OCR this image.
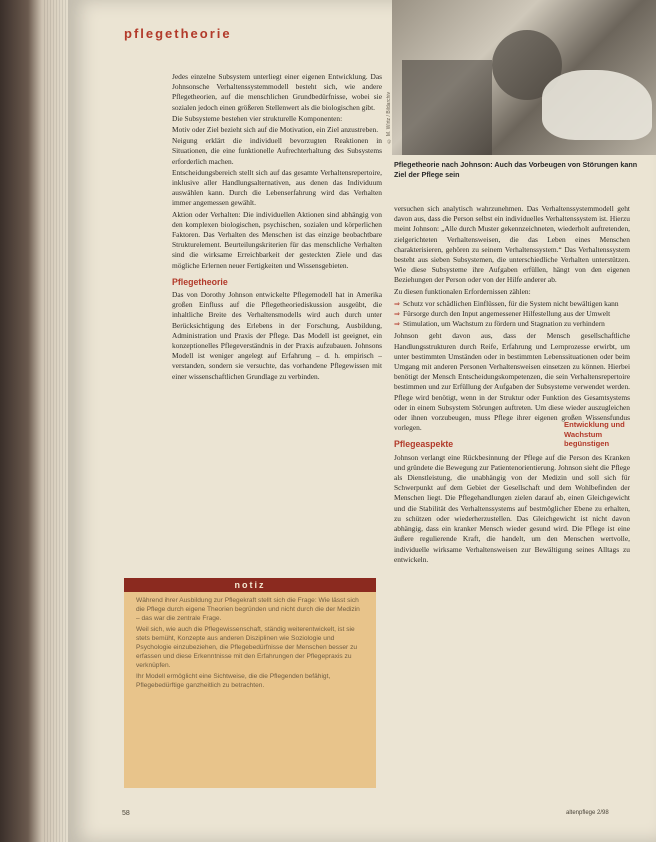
pflegetheorie
© M. Wirtz / Bildarchiv
Pflegetheorie nach Johnson: Auch das Vorbeugen von Störungen kann Ziel der Pflege sein

Jedes einzelne Subsystem unterliegt einer eigenen Entwicklung. Das Johnsonsche Verhaltenssystemmodell besteht sich, wie andere Pflegetheorien, auf die menschlichen Grundbedürfnisse, wobei sie sozialen jedoch einen größeren Stellenwert als die biologischen gibt.

Die Subsysteme bestehen vier strukturelle Komponenten:

Motiv oder Ziel bezieht sich auf die Motivation, ein Ziel anzustreben.

Neigung erklärt die individuell bevorzugten Reaktionen in Situationen, die eine funktionelle Aufrechterhaltung des Subsystems erforderlich machen.

Entscheidungsbereich stellt sich auf das gesamte Verhaltensrepertoire, inklusive aller Handlungsalternativen, aus denen das Individuum auswählen kann. Durch die Lebenserfahrung wird das Verhalten immer angemessen gewählt.

Aktion oder Verhalten: Die individuellen Aktionen sind abhängig von den komplexen biologischen, psychischen, sozialen und körperlichen Faktoren. Das Verhalten des Menschen ist das einzige beobachtbare Strukturelement. Beurteilungskriterien für das menschliche Verhalten sind die wirksame Erreichbarkeit der gesteckten Ziele und das mögliche Erlernen neuer Fertigkeiten und Wissensgebieten.

Pflegetheorie

Das von Dorothy Johnson entwickelte Pflegemodell hat in Amerika großen Einfluss auf die Pflegetheoriediskussion ausgeübt, die inhaltliche Breite des Verhaltensmodells wird auch durch unter Berücksichtigung des Erlebens in der Forschung, Ausbildung, Administration und Praxis der Pflege. Das Modell ist geeignet, ein konzeptionelles Pflegeverständnis in der Praxis aufzubauen. Johnsons Modell ist weniger angelegt auf Erfahrung – d. h. empirisch – verstanden, sondern sie versuchte, das vorhandene Pflegewissen mit einer wissenschaftlichen Grundlage zu verbinden.

notiz

Während ihrer Ausbildung zur Pflegekraft stellt sich die Frage: Wie lässt sich die Pflege durch eigene Theorien begründen und nicht durch die der Medizin – das war die zentrale Frage.

Weil sich, wie auch die Pflegewissenschaft, ständig weiterentwickelt, ist sie stets bemüht, Konzepte aus anderen Disziplinen wie Soziologie und Psychologie einzubeziehen, die Pflegebedürfnisse der Menschen besser zu erfassen und diese Erkenntnisse mit den Erfahrungen der Pflegepraxis zu verknüpfen.

Ihr Modell ermöglicht eine Sichtweise, die die Pflegenden befähigt, Pflegebedürftige ganzheitlich zu betrachten.

versuchen sich analytisch wahrzunehmen. Das Verhaltenssystemmodell geht davon aus, dass die Person selbst ein individuelles Verhaltenssystem ist. Hierzu meint Johnson: „Alle durch Muster gekennzeichneten, wiederholt auftretenden, zielgerichteten Verhaltensweisen, die das Leben eines Menschen charakterisieren, gehören zu seinem Verhaltenssystem.“ Das Verhaltenssystem besteht aus sieben Subsystemen, die unterschiedliche Verhalten unterstützen. Wie diese Subsysteme ihre Aufgaben erfüllen, hängt von den eigenen Beziehungen der Person oder von der Hilfe anderer ab.

Zu diesen funktionalen Erfordernissen zählen:

⇒ Schutz vor schädlichen Einflüssen, für die System nicht bewältigen kann
⇒ Fürsorge durch den Input angemessener Hilfestellung aus der Umwelt
⇒ Stimulation, um Wachstum zu fördern und Stagnation zu verhindern

Johnson geht davon aus, dass der Mensch gesellschaftliche Handlungsstrukturen durch Reife, Erfahrung und Lernprozesse erwirbt, um unter bestimmten Umständen oder in bestimmten Lebenssituationen oder beim Umgang mit anderen Personen Verhaltensweisen einsetzen zu können. Hierbei benötigt der Mensch Entscheidungskompetenzen, die sein Verhaltensrepertoire bestimmen und zur Erfüllung der Aufgaben der Subsysteme verwendet werden. Pflege wird benötigt, wenn in der Struktur oder Funktion des Gesamtsystems oder in einem Subsystem Störungen auftreten. Um diese wieder auszugleichen oder ihnen vorzubeugen, muss Pflege ihrer eigenen großen Wissensfundus vorlegen.

Pflegeaspekte

Johnson verlangt eine Rückbesinnung der Pflege auf die Person des Kranken und gründete die Bewegung zur Patientenorientierung. Johnson sieht die Pflege als Dienstleistung, die unabhängig von der Medizin und soll sich für Schwerpunkt auf dem Gebiet der Gesellschaft und dem Wohlbefinden der Menschen liegt. Die Pflegehandlungen zielen darauf ab, einen Gleichgewicht und die Stabilität des Verhaltenssystems auf bestmöglicher Ebene zu erhalten, zu schützen oder wiederherzustellen. Das Gleichgewicht ist nicht davon abhängig, dass ein kranker Mensch wieder gesund wird. Die Pflege ist eine äußere regulierende Kraft, die handelt, um den Menschen wertvolle, individuelle wirksame Verhaltensweisen zur Bewältigung seines Alltags zu entwickeln.

58	altenpflege 2/98
Entwicklung und Wachstum begünstigen
